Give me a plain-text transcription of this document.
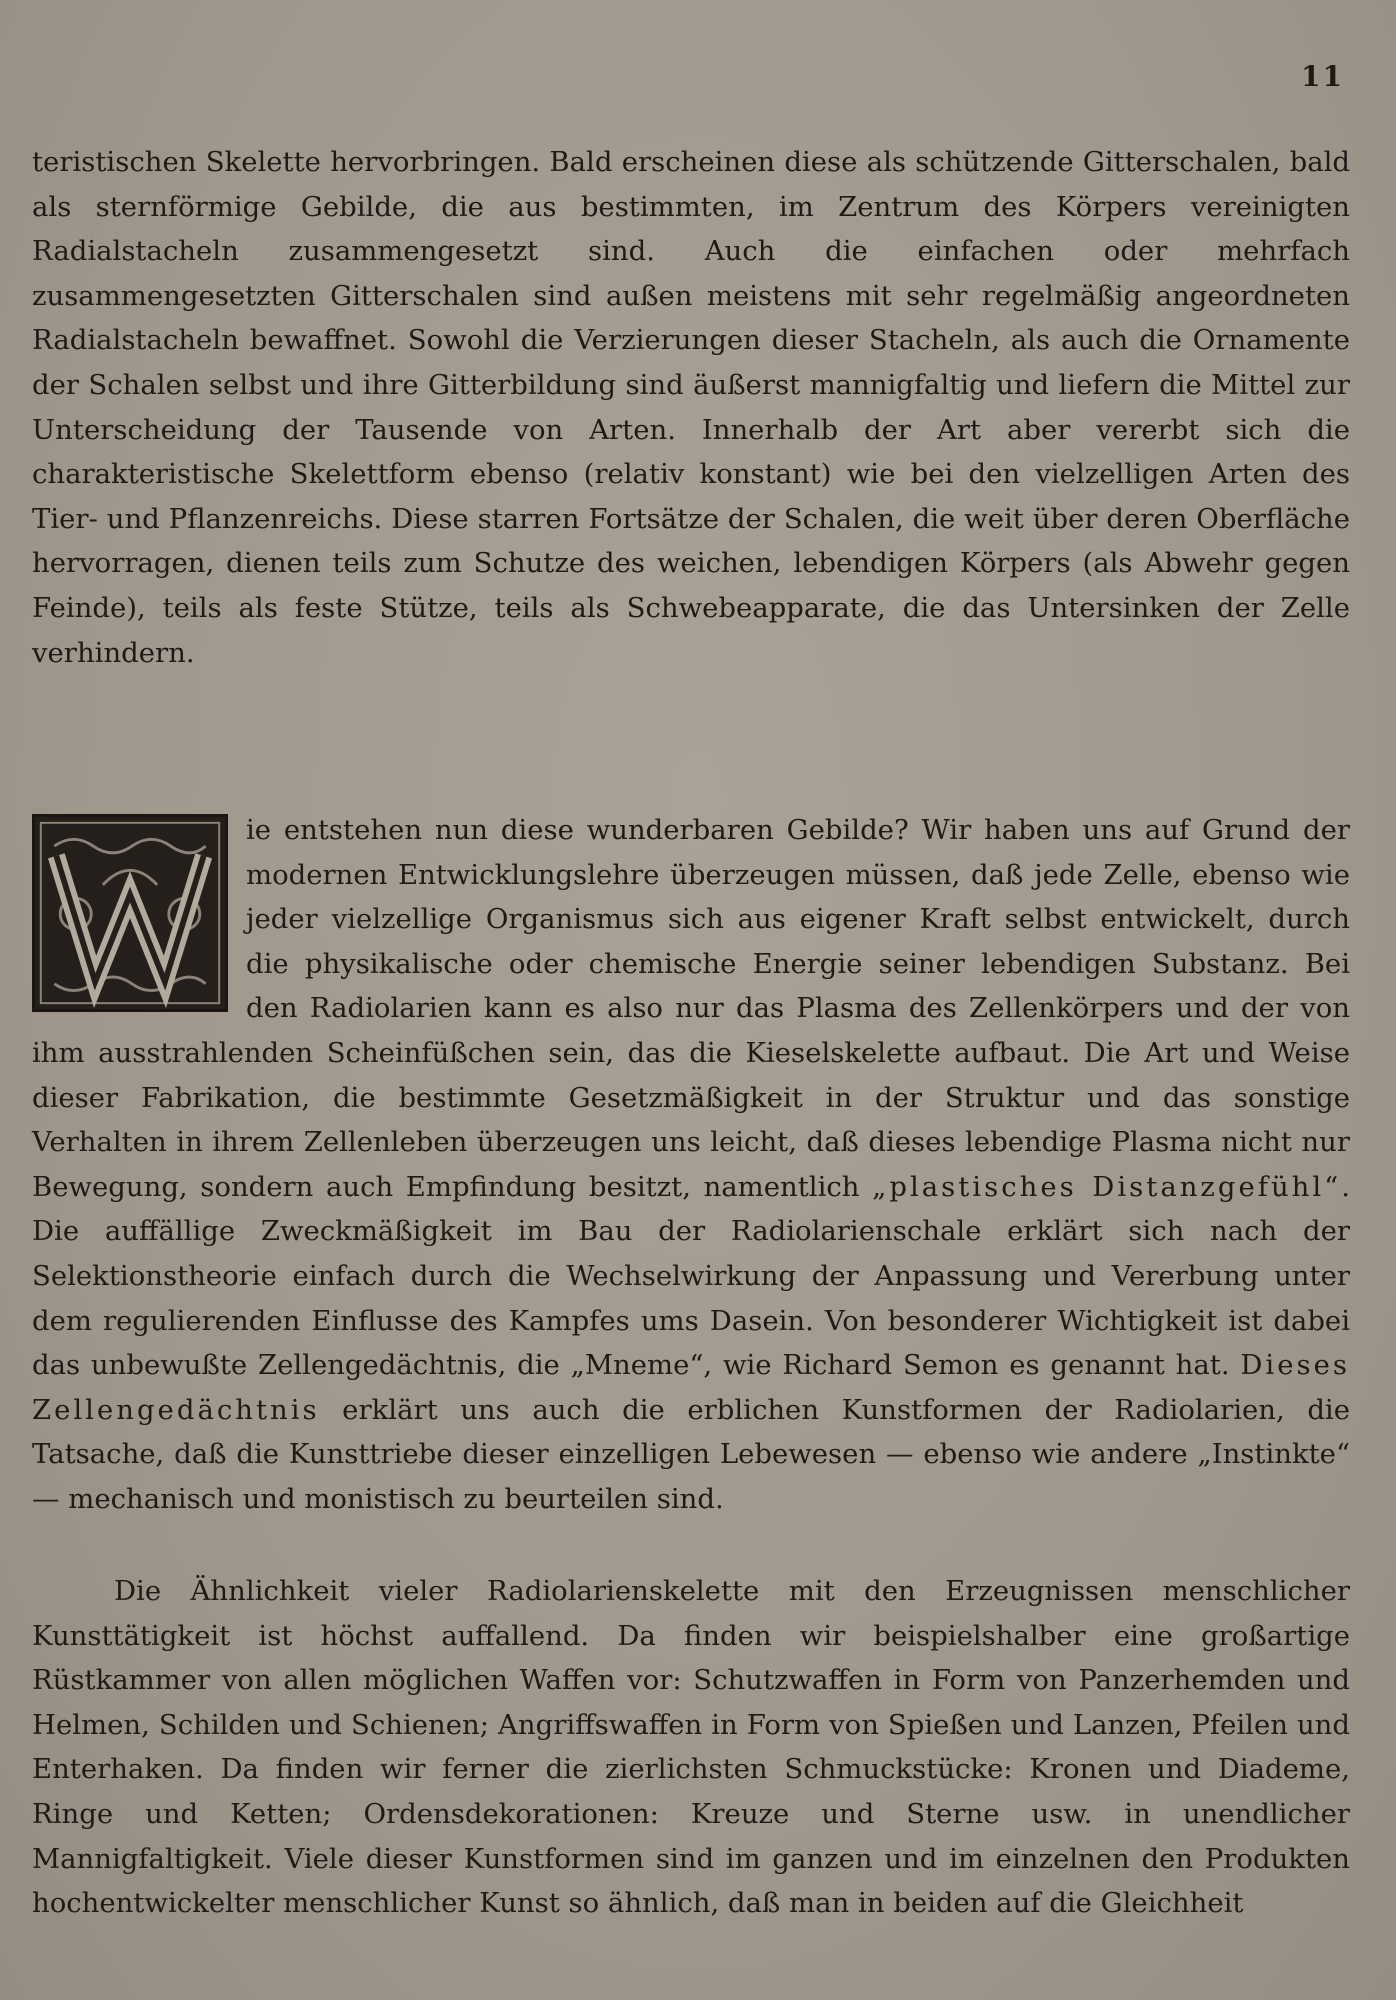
11

teristischen Skelette hervorbringen. Bald erscheinen diese als schützende Gitterschalen, bald als sternförmige Gebilde, die aus bestimmten, im Zentrum des Körpers vereinigten Radialstacheln zusammengesetzt sind. Auch die einfachen oder mehrfach zusammengesetzten Gitterschalen sind außen meistens mit sehr regelmäßig angeordneten Radialstacheln bewaffnet. Sowohl die Verzierungen dieser Stacheln, als auch die Ornamente der Schalen selbst und ihre Gitterbildung sind äußerst mannigfaltig und liefern die Mittel zur Unterscheidung der Tausende von Arten. Innerhalb der Art aber vererbt sich die charakteristische Skelettform ebenso (relativ konstant) wie bei den vielzelligen Arten des Tier- und Pflanzenreichs. Diese starren Fortsätze der Schalen, die weit über deren Oberfläche hervorragen, dienen teils zum Schutze des weichen, lebendigen Körpers (als Abwehr gegen Feinde), teils als feste Stütze, teils als Schwebeapparate, die das Untersinken der Zelle verhindern.

ie entstehen nun diese wunderbaren Gebilde? Wir haben uns auf Grund der modernen Entwicklungslehre überzeugen müssen, daß jede Zelle, ebenso wie jeder vielzellige Organismus sich aus eigener Kraft selbst entwickelt, durch die physikalische oder chemische Energie seiner lebendigen Substanz. Bei den Radiolarien kann es also nur das Plasma des Zellenkörpers und der von ihm ausstrahlenden Scheinfüßchen sein, das die Kieselskelette aufbaut. Die Art und Weise dieser Fabrikation, die bestimmte Gesetzmäßigkeit in der Struktur und das sonstige Verhalten in ihrem Zellenleben überzeugen uns leicht, daß dieses lebendige Plasma nicht nur Bewegung, sondern auch Empfindung besitzt, namentlich „plastisches Distanzgefühl“. Die auffällige Zweckmäßigkeit im Bau der Radiolarienschale erklärt sich nach der Selektionstheorie einfach durch die Wechselwirkung der Anpassung und Vererbung unter dem regulierenden Einflusse des Kampfes ums Dasein. Von besonderer Wichtigkeit ist dabei das unbewußte Zellengedächtnis, die „Mneme“, wie Richard Semon es genannt hat. Dieses Zellengedächtnis erklärt uns auch die erblichen Kunstformen der Radiolarien, die Tatsache, daß die Kunsttriebe dieser einzelligen Lebewesen — ebenso wie andere „Instinkte“ — mechanisch und monistisch zu beurteilen sind.

Die Ähnlichkeit vieler Radiolarienskelette mit den Erzeugnissen menschlicher Kunsttätigkeit ist höchst auffallend. Da finden wir beispielshalber eine großartige Rüstkammer von allen möglichen Waffen vor: Schutzwaffen in Form von Panzerhemden und Helmen, Schilden und Schienen; Angriffswaffen in Form von Spießen und Lanzen, Pfeilen und Enterhaken. Da finden wir ferner die zierlichsten Schmuckstücke: Kronen und Diademe, Ringe und Ketten; Ordensdekorationen: Kreuze und Sterne usw. in unendlicher Mannigfaltigkeit. Viele dieser Kunstformen sind im ganzen und im einzelnen den Produkten hochentwickelter menschlicher Kunst so ähnlich, daß man in beiden auf die Gleichheit
